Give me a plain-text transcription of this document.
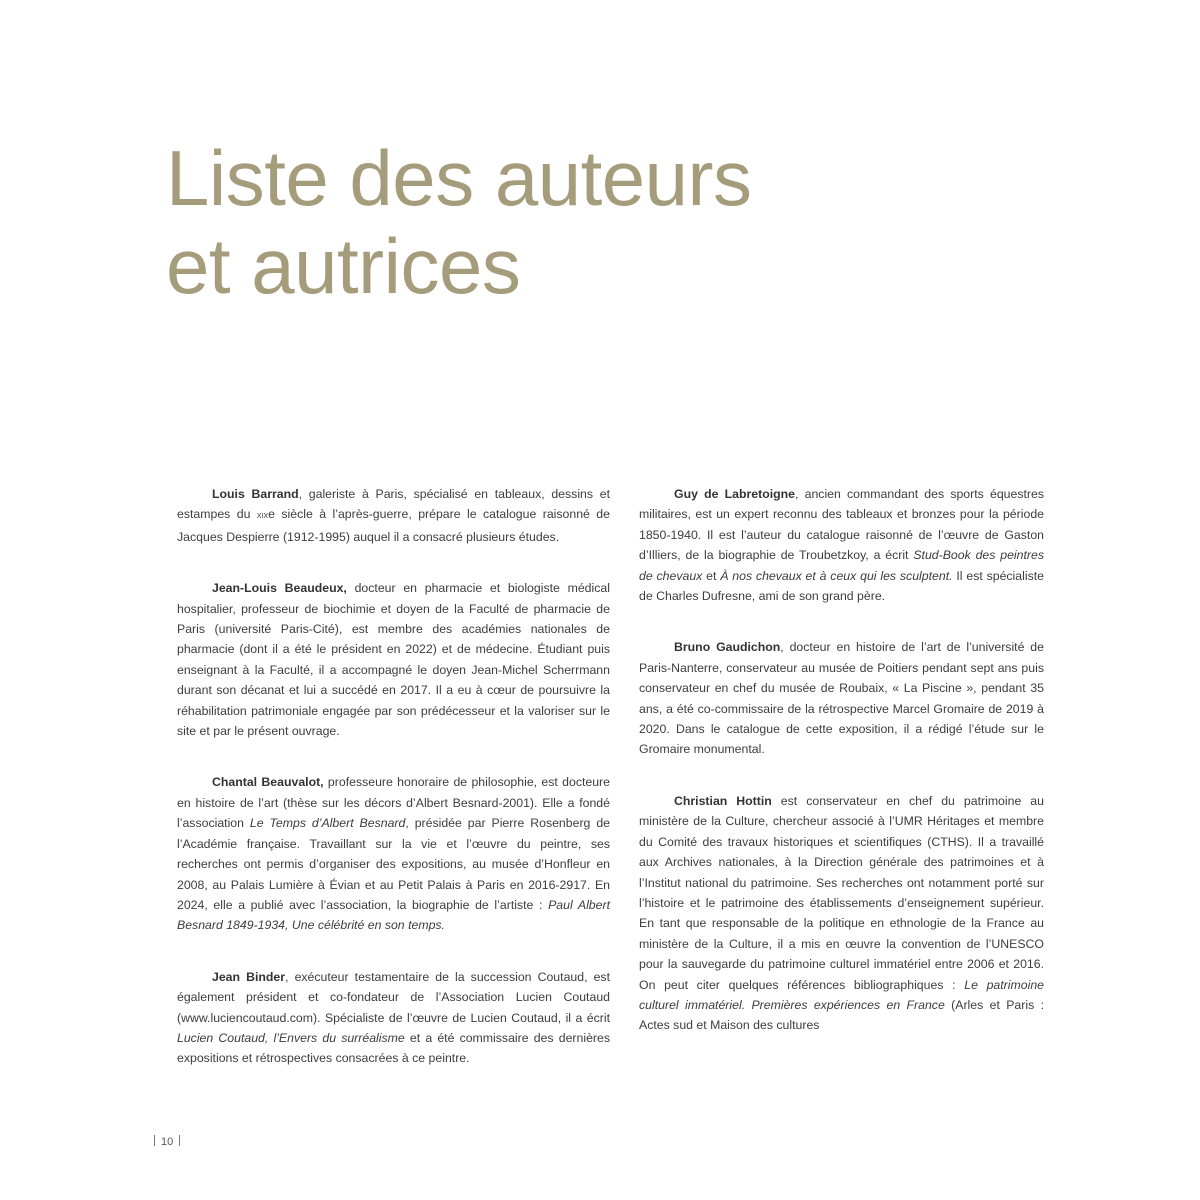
Liste des auteurs
et autrices

Louis Barrand, galeriste à Paris, spécialisé en tableaux, dessins et estampes du xixe siècle à l’après-guerre, prépare le catalogue raisonné de Jacques Despierre (1912-1995) auquel il a consacré plusieurs études.

Jean-Louis Beaudeux, docteur en pharmacie et biologiste médical hospitalier, professeur de biochimie et doyen de la Faculté de pharmacie de Paris (université Paris-Cité), est membre des académies nationales de pharmacie (dont il a été le président en 2022) et de médecine. Étudiant puis enseignant à la Faculté, il a accompagné le doyen Jean-Michel Scherrmann durant son décanat et lui a succédé en 2017. Il a eu à cœur de poursuivre la réhabilitation patrimoniale engagée par son prédécesseur et la valoriser sur le site et par le présent ouvrage.

Chantal Beauvalot, professeure honoraire de philosophie, est docteure en histoire de l’art (thèse sur les décors d’Albert Besnard-2001). Elle a fondé l’association Le Temps d’Albert Besnard, présidée par Pierre Rosenberg de l’Académie française. Travaillant sur la vie et l’œuvre du peintre, ses recherches ont permis d’organiser des expositions, au musée d’Honfleur en 2008, au Palais Lumière à Évian et au Petit Palais à Paris en 2016-2917. En 2024, elle a publié avec l’association, la biographie de l’artiste : Paul Albert Besnard 1849-1934, Une célébrité en son temps.

Jean Binder, exécuteur testamentaire de la succession Coutaud, est également président et co-fondateur de l’Association Lucien Coutaud (www.luciencoutaud.com). Spécialiste de l’œuvre de Lucien Coutaud, il a écrit Lucien Coutaud, l’Envers du surréalisme et a été commissaire des dernières expositions et rétrospectives consacrées à ce peintre.

Guy de Labretoigne, ancien commandant des sports équestres militaires, est un expert reconnu des tableaux et bronzes pour la période 1850-1940. Il est l’auteur du catalogue raisonné de l’œuvre de Gaston d’Illiers, de la biographie de Troubetzkoy, a écrit Stud-Book des peintres de chevaux et À nos chevaux et à ceux qui les sculptent. Il est spécialiste de Charles Dufresne, ami de son grand père.

Bruno Gaudichon, docteur en histoire de l’art de l’université de Paris-Nanterre, conservateur au musée de Poitiers pendant sept ans puis conservateur en chef du musée de Roubaix, « La Piscine », pendant 35 ans, a été co-commissaire de la rétrospective Marcel Gromaire de 2019 à 2020. Dans le catalogue de cette exposition, il a rédigé l’étude sur le Gromaire monumental.

Christian Hottin est conservateur en chef du patrimoine au ministère de la Culture, chercheur associé à l’UMR Héritages et membre du Comité des travaux historiques et scientifiques (CTHS). Il a travaillé aux Archives nationales, à la Direction générale des patrimoines et à l’Institut national du patrimoine. Ses recherches ont notamment porté sur l’histoire et le patrimoine des établissements d’enseignement supérieur. En tant que responsable de la politique en ethnologie de la France au ministère de la Culture, il a mis en œuvre la convention de l’UNESCO pour la sauvegarde du patrimoine culturel immatériel entre 2006 et 2016. On peut citer quelques références bibliographiques : Le patrimoine culturel immatériel. Premières expériences en France (Arles et Paris : Actes sud et Maison des cultures

10
